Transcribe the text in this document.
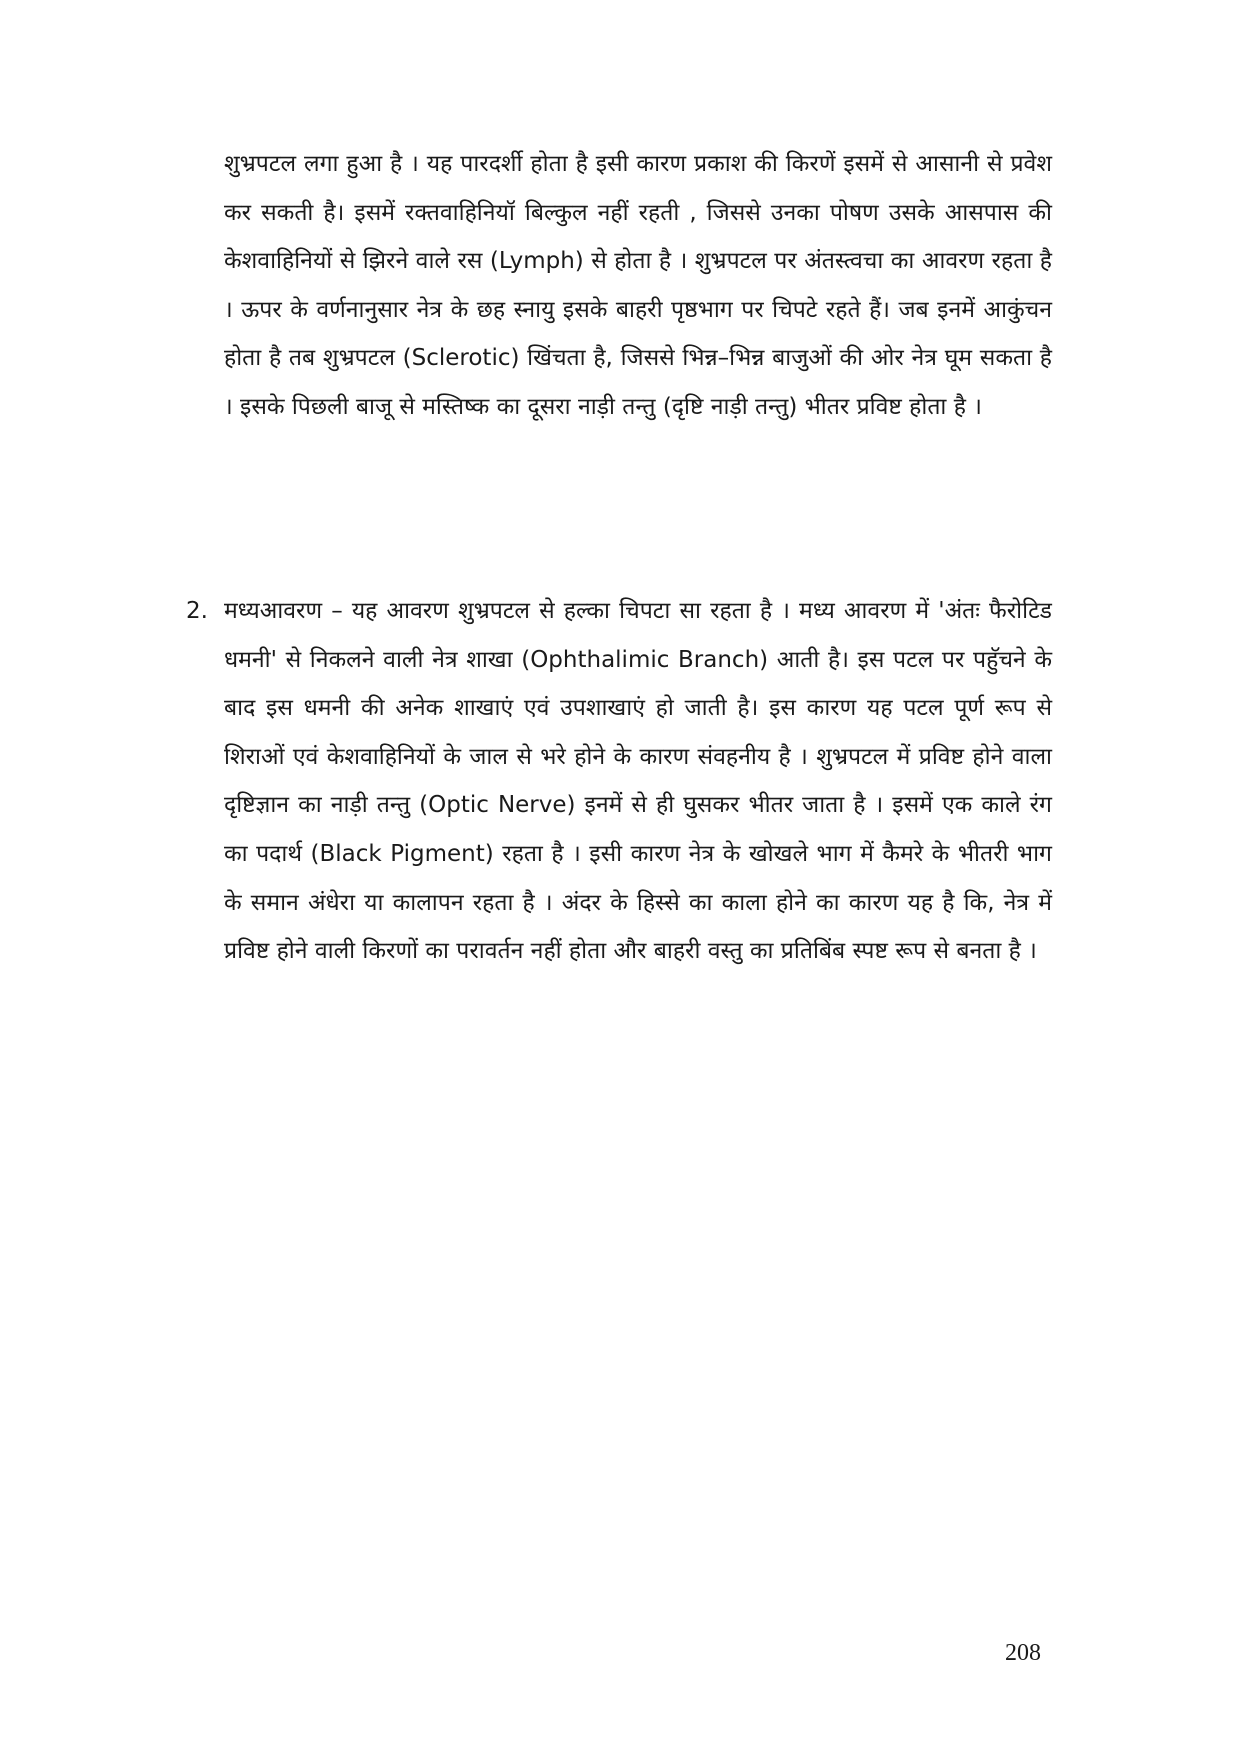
शुभ्रपटल लगा हुआ है । यह पारदर्शी होता है इसी कारण प्रकाश की किरणें इसमें से आसानी से प्रवेश कर सकती है। इसमें रक्तवाहिनियॉ बिल्कुल नहीं रहती , जिससे उनका पोषण उसके आसपास की केशवाहिनियों से झिरने वाले रस (Lymph) से होता है । शुभ्रपटल पर अंतस्त्वचा का आवरण रहता है । ऊपर के वर्णनानुसार नेत्र के छह स्नायु इसके बाहरी पृष्ठभाग पर चिपटे रहते हैं। जब इनमें आकुंचन होता है तब शुभ्रपटल (Sclerotic) खिंचता है, जिससे भिन्न–भिन्न बाजुओं की ओर नेत्र घूम सकता है । इसके पिछली बाजू से मस्तिष्क का दूसरा नाड़ी तन्तु (दृष्टि नाड़ी तन्तु) भीतर प्रविष्ट होता है ।

2. मध्यआवरण – यह आवरण शुभ्रपटल से हल्का चिपटा सा रहता है । मध्य आवरण में 'अंतः फैरोटिड धमनी' से निकलने वाली नेत्र शाखा (Ophthalimic Branch) आती है। इस पटल पर पहुॅचने के बाद इस धमनी की अनेक शाखाएं एवं उपशाखाएं हो जाती है। इस कारण यह पटल पूर्ण रूप से शिराओं एवं केशवाहिनियों के जाल से भरे होने के कारण संवहनीय है । शुभ्रपटल में प्रविष्ट होने वाला दृष्टिज्ञान का नाड़ी तन्तु (Optic Nerve) इनमें से ही घुसकर भीतर जाता है । इसमें एक काले रंग का पदार्थ (Black Pigment) रहता है । इसी कारण नेत्र के खोखले भाग में कैमरे के भीतरी भाग के समान अंधेरा या कालापन रहता है । अंदर के हिस्से का काला होने का कारण यह है कि, नेत्र में प्रविष्ट होने वाली किरणों का परावर्तन नहीं होता और बाहरी वस्तु का प्रतिबिंब स्पष्ट रूप से बनता है ।

208
